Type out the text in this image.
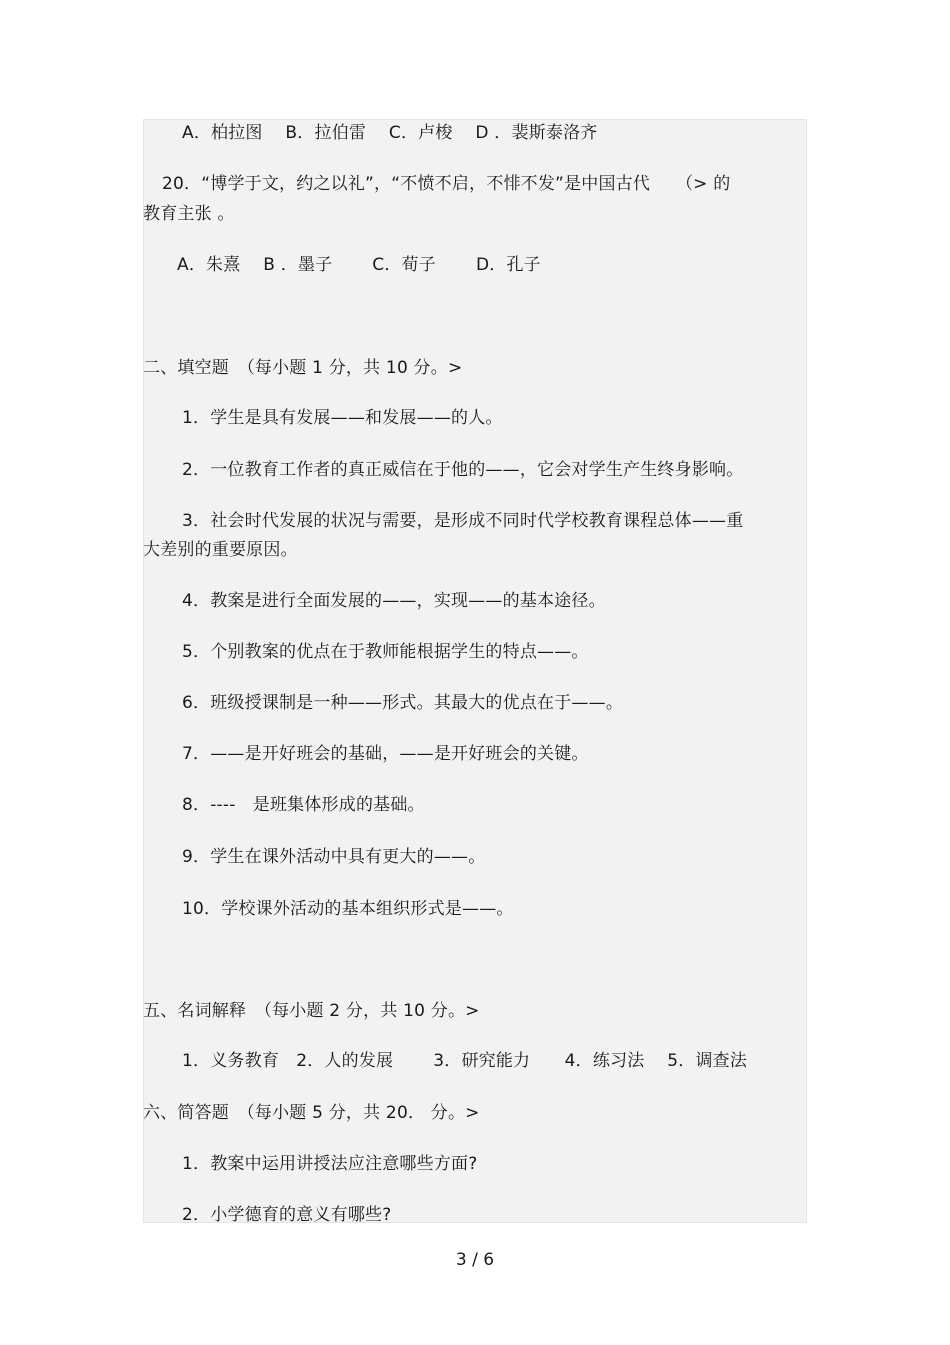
A．柏拉图　 B．拉伯雷　 C．卢梭　 D ．裴斯泰洛齐
20．“博学于文，约之以礼”，“不愤不启，不悱不发”是中国古代　　（> 的
教育主张 。
A．朱熹　 B ．墨子　　 C．荀子　　 D．孔子
二、填空题　（每小题 1 分，共 10 分。>
1．学生是具有发展——和发展——的人。
2．一位教育工作者的真正威信在于他的——，它会对学生产生终身影响。
3．社会时代发展的状况与需要，是形成不同时代学校教育课程总体——重
大差别的重要原因。
4．教案是进行全面发展的——，实现——的基本途径。
5．个别教案的优点在于教师能根据学生的特点——。
6．班级授课制是一种——形式。其最大的优点在于——。
7．——是开好班会的基础，——是开好班会的关键。
8．----　是班集体形成的基础。
9．学生在课外活动中具有更大的——。
10．学校课外活动的基本组织形式是——。
五、名词解释　（每小题 2 分，共 10 分。>
1．义务教育　2．人的发展　　 3．研究能力　　4．练习法　 5．调查法
六、简答题　（每小题 5 分，共 20． 分。>
1．教案中运用讲授法应注意哪些方面?
2．小学德育的意义有哪些?
3 / 6
